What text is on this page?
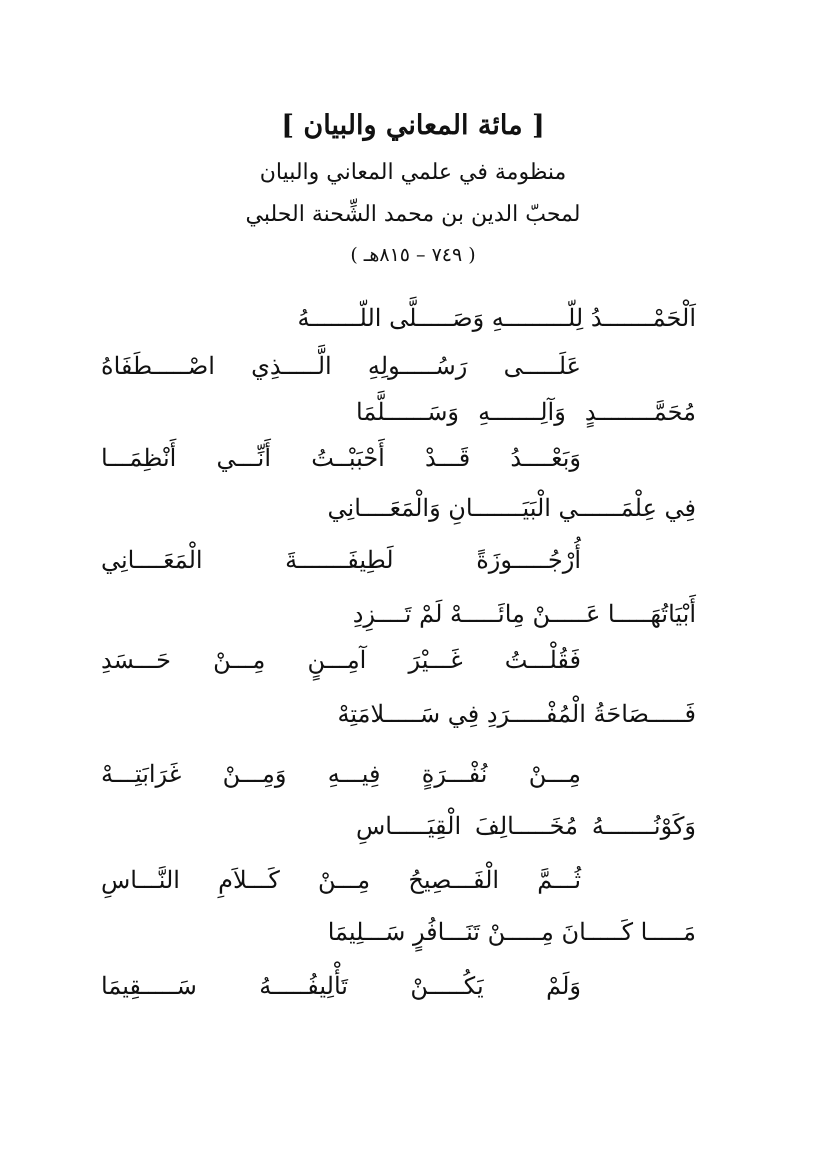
[ مائة المعاني والبيان ]
منظومة في علمي المعاني والبيان
لمحبّ الدين بن محمد الشِّحنة الحلبي
( ٧٤٩ – ٨١٥هـ )
اَلْحَمْـــــــدُ لِلّـــــــــهِ وَصَـــــلَّى اللّـــــــهُ
عَلَـــــى رَسُـــــولِهِ الَّـــــذِي اصْـــــطَفَاهُ
مُحَمَّــــــــدٍ وَآلِـــــــهِ وَسَــــــلَّمَا
وَبَعْــــدُ قَـــدْ أَحْبَبْــتُ أَنِّـــي أَنْظِمَـــا
فِي عِلْمَــــــي الْبَيَـــــــانِ وَالْمَعَــــانِي
أُرْجُـــــوزَةً لَطِيفَـــــــةَ الْمَعَــــانِي
أَبْيَاتُهَـــــا عَـــــنْ مِائَـــــهْ لَمْ تَــــزِدِ
فَقُلْـــتُ غَـــيْرَ آمِـــنٍ مِـــنْ حَـــسَدِ
فَـــــصَاحَةُ الْمُفْـــــرَدِ فِي سَـــــلامَتِهْ
مِـــنْ نُفْـــرَةٍ فِيـــهِ وَمِـــنْ غَرَابَتِـــهْ
وَكَوْنُـــــــهُ مُخَـــــالِفَ الْقِيَـــــاسِ
ثُـــمَّ الْفَـــصِيحُ مِـــنْ كَـــلاَمِ النَّـــاسِ
مَـــــا كَـــــانَ مِـــــنْ تَنَـــافُرٍ سَـــلِيمَا
وَلَمْ يَكُـــــنْ تَأْلِيفُـــــهُ سَـــــقِيمَا
